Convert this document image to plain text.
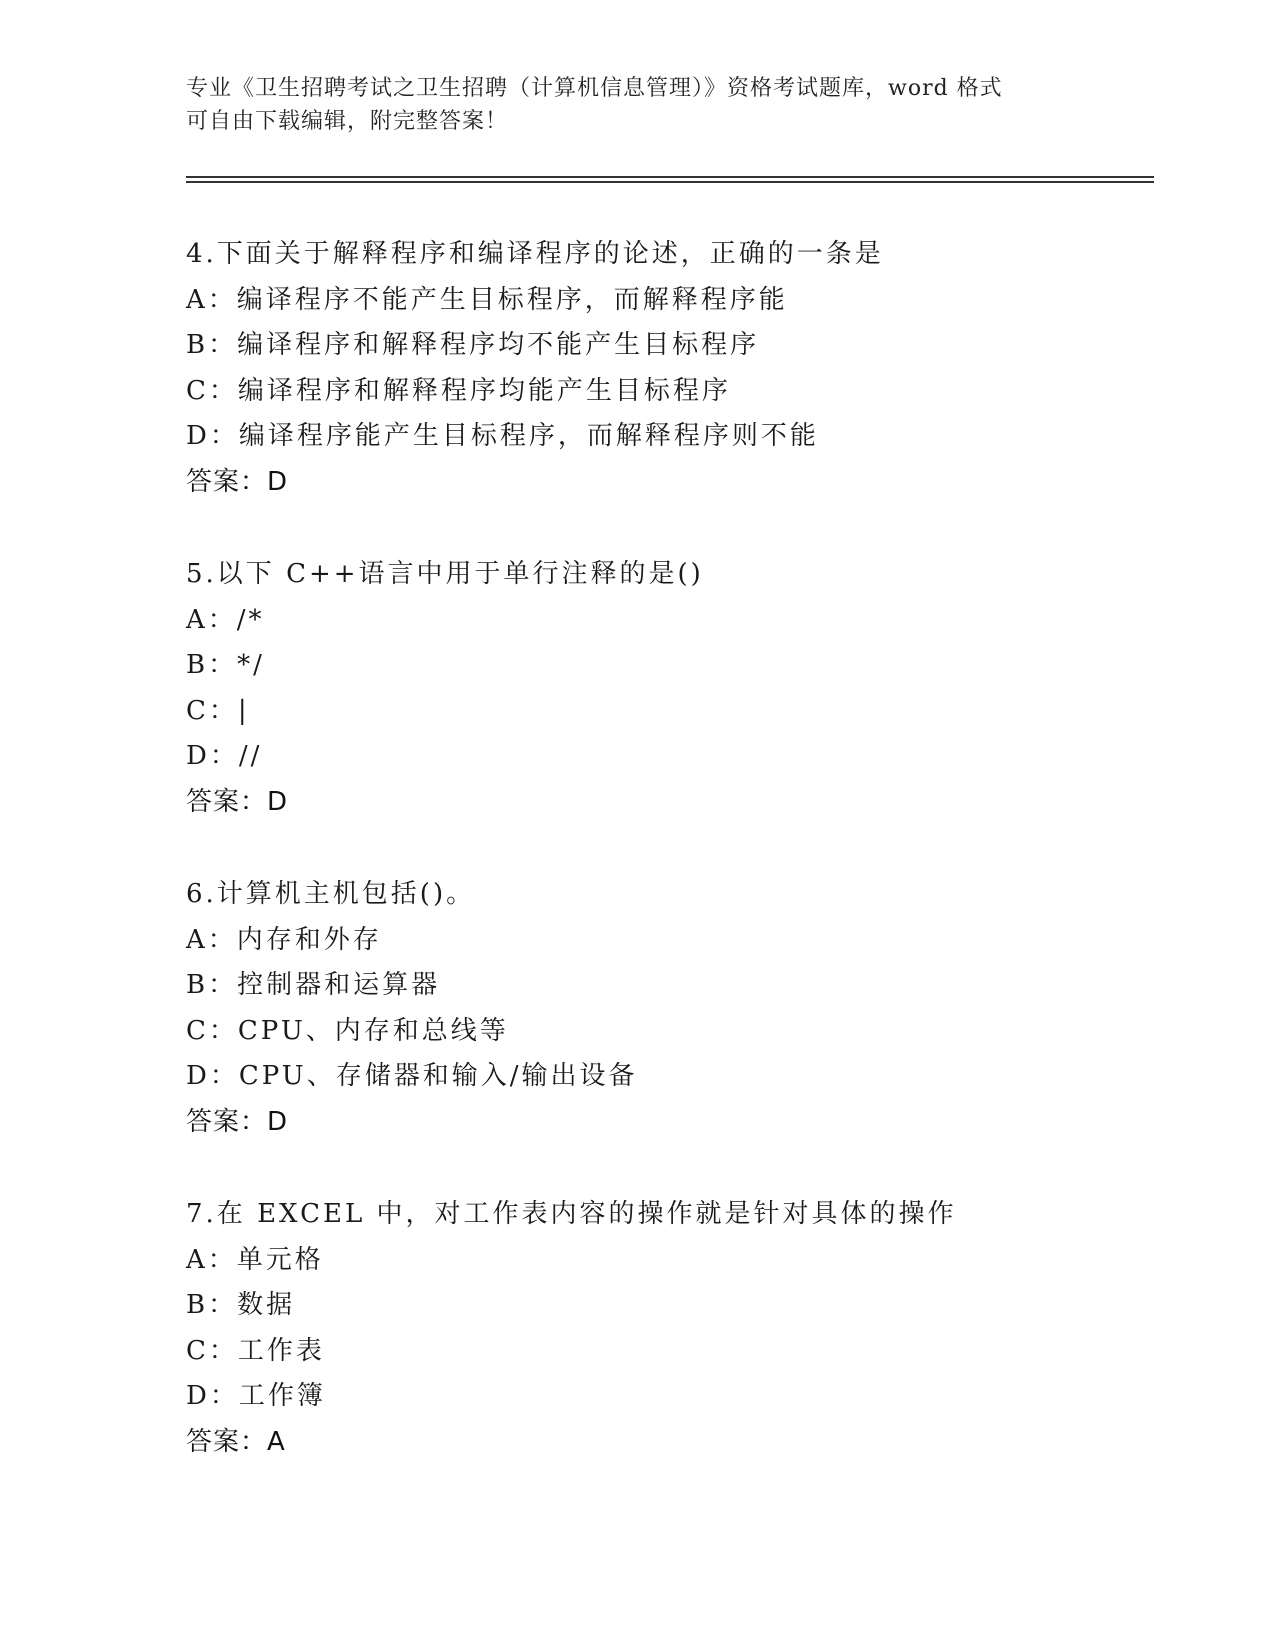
专业《卫生招聘考试之卫生招聘（计算机信息管理）》资格考试题库，word 格式
可自由下载编辑，附完整答案！
4.下面关于解释程序和编译程序的论述，正确的一条是
A：编译程序不能产生目标程序，而解释程序能
B：编译程序和解释程序均不能产生目标程序
C：编译程序和解释程序均能产生目标程序
D：编译程序能产生目标程序，而解释程序则不能
答案：D
5.以下 C++语言中用于单行注释的是()
A：/*
B：*/
C：|
D：//
答案：D
6.计算机主机包括()。
A：内存和外存
B：控制器和运算器
C：CPU、内存和总线等
D：CPU、存储器和输入/输出设备
答案：D
7.在 EXCEL 中，对工作表内容的操作就是针对具体的操作
A：单元格
B：数据
C：工作表
D：工作簿
答案：A
